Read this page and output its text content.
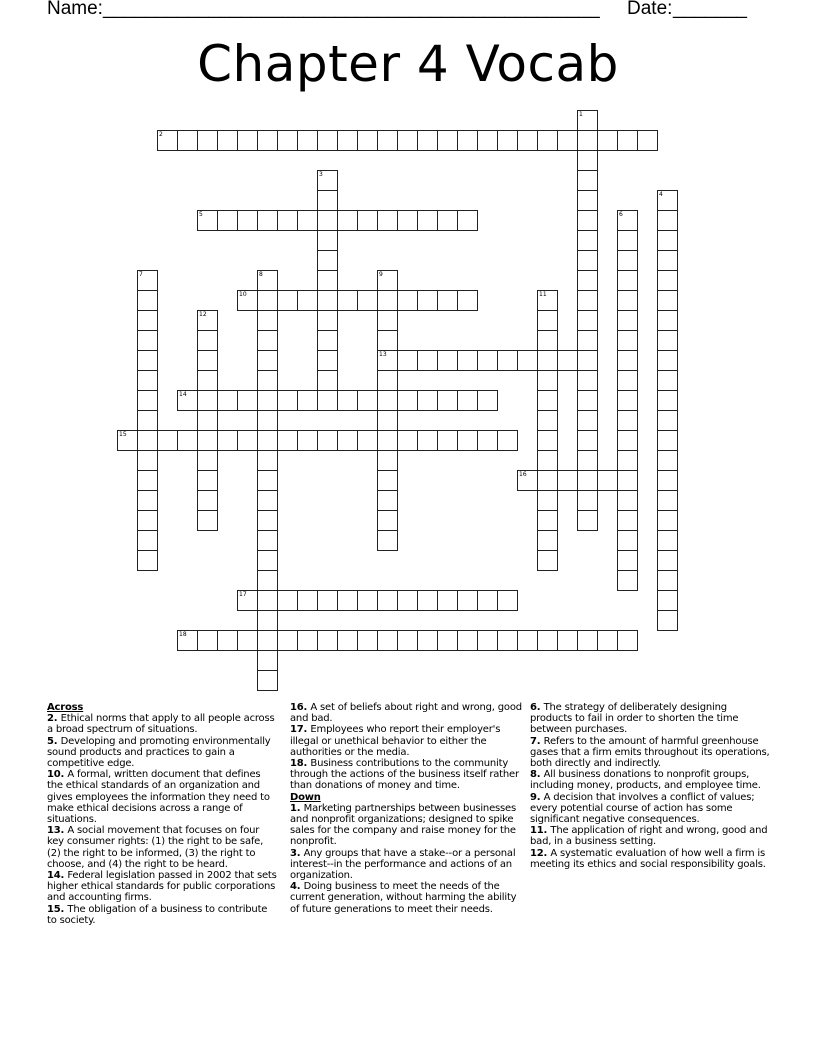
Name: _______________________________________________ Date: _______
Chapter 4 Vocab
2
5
10
13
14
15
16
17
18
1
3
4
6
7	8	9
11
12
Across
2. Ethical norms that apply to all people across a broad spectrum of situations.
5. Developing and promoting environmentally sound products and practices to gain a competitive edge.
10. A formal, written document that defines the ethical standards of an organization and gives employees the information they need to make ethical decisions across a range of situations.
13. A social movement that focuses on four key consumer rights: (1) the right to be safe, (2) the right to be informed, (3) the right to choose, and (4) the right to be heard.
14. Federal legislation passed in 2002 that sets higher ethical standards for public corporations and accounting firms.
15. The obligation of a business to contribute to society.
16. A set of beliefs about right and wrong, good and bad.
17. Employees who report their employer's illegal or unethical behavior to either the authorities or the media.
18. Business contributions to the community through the actions of the business itself rather than donations of money and time.
Down
1. Marketing partnerships between businesses and nonprofit organizations; designed to spike sales for the company and raise money for the nonprofit.
3. Any groups that have a stake--or a personal interest--in the performance and actions of an organization.
4. Doing business to meet the needs of the current generation, without harming the ability of future generations to meet their needs.
6. The strategy of deliberately designing products to fail in order to shorten the time between purchases.
7. Refers to the amount of harmful greenhouse gases that a firm emits throughout its operations, both directly and indirectly.
8. All business donations to nonprofit groups, including money, products, and employee time.
9. A decision that involves a conflict of values; every potential course of action has some significant negative consequences.
11. The application of right and wrong, good and bad, in a business setting.
12. A systematic evaluation of how well a firm is meeting its ethics and social responsibility goals.
